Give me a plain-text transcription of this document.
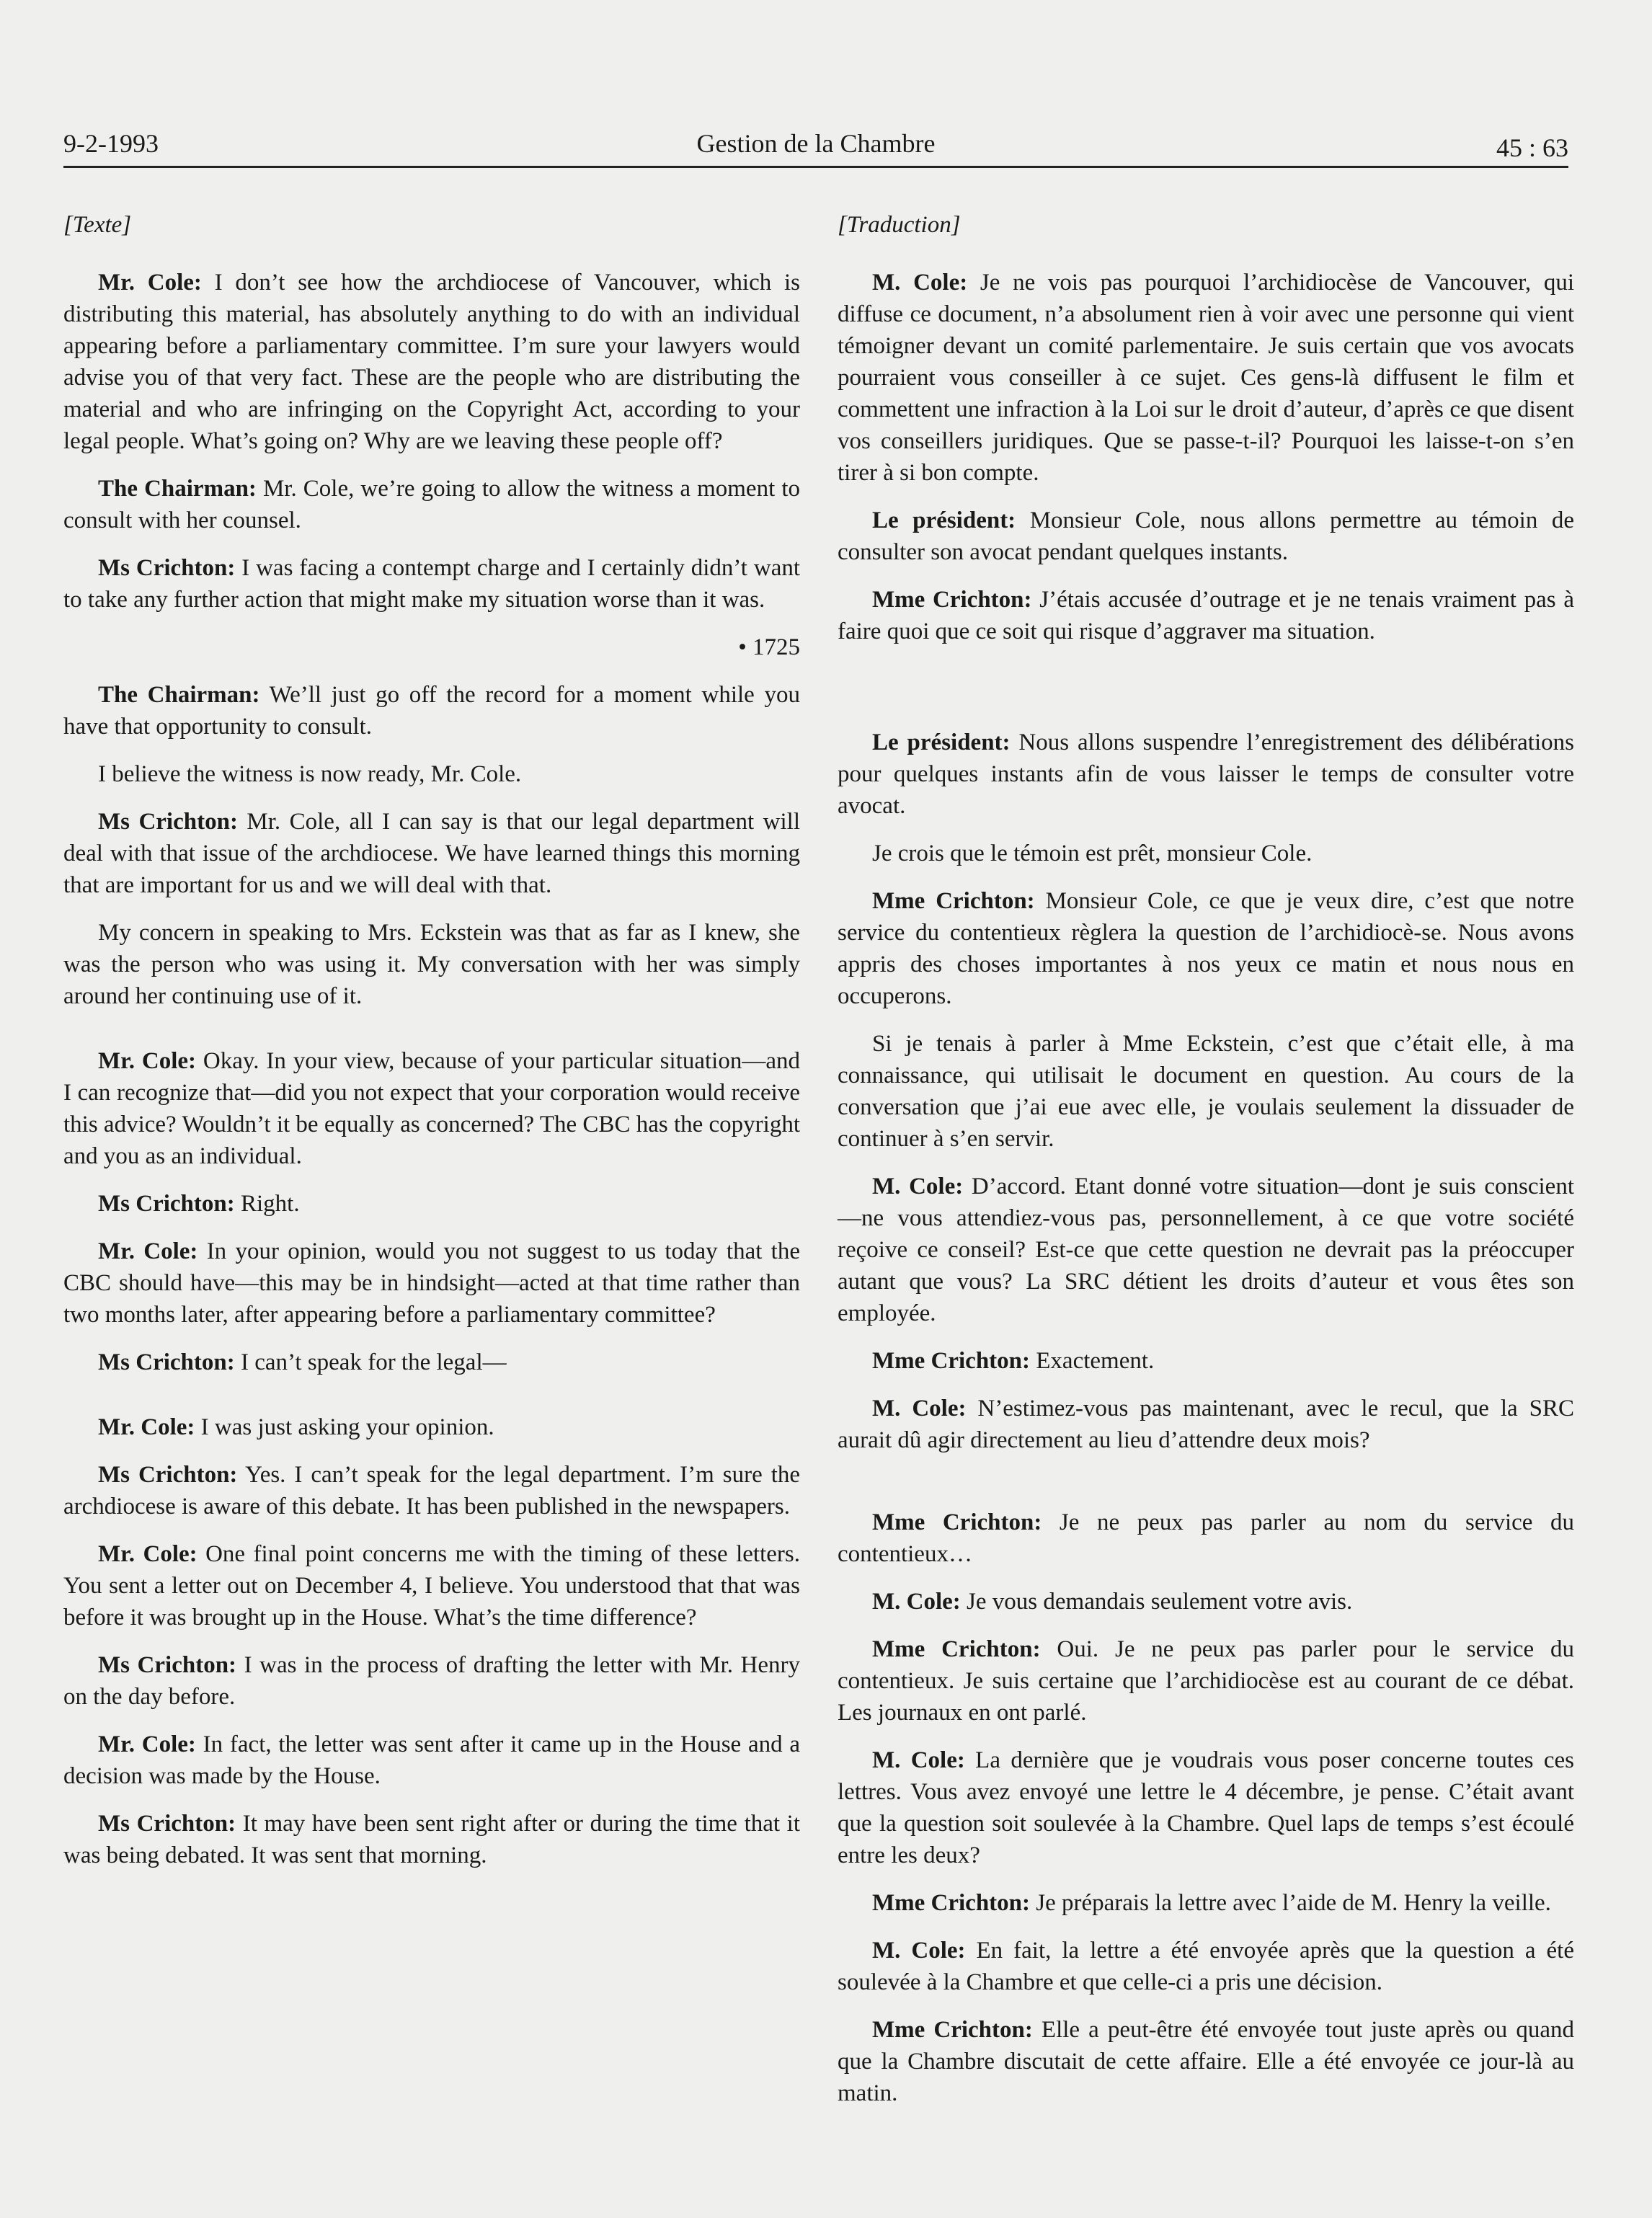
9-2-1993	Gestion de la Chambre	45 : 63

[Texte]

Mr. Cole: I don’t see how the archdiocese of Vancouver, which is distributing this material, has absolutely anything to do with an individual appearing before a parliamentary committee. I’m sure your lawyers would advise you of that very fact. These are the people who are distributing the material and who are infringing on the Copyright Act, according to your legal people. What’s going on? Why are we leaving these people off?

The Chairman: Mr. Cole, we’re going to allow the witness a moment to consult with her counsel.

Ms Crichton: I was facing a contempt charge and I certainly didn’t want to take any further action that might make my situation worse than it was.

• 1725

The Chairman: We’ll just go off the record for a moment while you have that opportunity to consult.

I believe the witness is now ready, Mr. Cole.

Ms Crichton: Mr. Cole, all I can say is that our legal department will deal with that issue of the archdiocese. We have learned things this morning that are important for us and we will deal with that.

My concern in speaking to Mrs. Eckstein was that as far as I knew, she was the person who was using it. My conversation with her was simply around her continuing use of it.

Mr. Cole: Okay. In your view, because of your particular situation—and I can recognize that—did you not expect that your corporation would receive this advice? Wouldn’t it be equally as concerned? The CBC has the copyright and you as an individual.

Ms Crichton: Right.

Mr. Cole: In your opinion, would you not suggest to us today that the CBC should have—this may be in hindsight—acted at that time rather than two months later, after appearing before a parliamentary committee?

Ms Crichton: I can’t speak for the legal—

Mr. Cole: I was just asking your opinion.

Ms Crichton: Yes. I can’t speak for the legal department. I’m sure the archdiocese is aware of this debate. It has been published in the newspapers.

Mr. Cole: One final point concerns me with the timing of these letters. You sent a letter out on December 4, I believe. You understood that that was before it was brought up in the House. What’s the time difference?

Ms Crichton: I was in the process of drafting the letter with Mr. Henry on the day before.

Mr. Cole: In fact, the letter was sent after it came up in the House and a decision was made by the House.

Ms Crichton: It may have been sent right after or during the time that it was being debated. It was sent that morning.

[Traduction]

M. Cole: Je ne vois pas pourquoi l’archidiocèse de Vancouver, qui diffuse ce document, n’a absolument rien à voir avec une personne qui vient témoigner devant un comité parlementaire. Je suis certain que vos avocats pourraient vous conseiller à ce sujet. Ces gens-là diffusent le film et commettent une infraction à la Loi sur le droit d’auteur, d’après ce que disent vos conseillers juridiques. Que se passe-t-il? Pourquoi les laisse-t-on s’en tirer à si bon compte.

Le président: Monsieur Cole, nous allons permettre au témoin de consulter son avocat pendant quelques instants.

Mme Crichton: J’étais accusée d’outrage et je ne tenais vraiment pas à faire quoi que ce soit qui risque d’aggraver ma situation.

Le président: Nous allons suspendre l’enregistrement des délibérations pour quelques instants afin de vous laisser le temps de consulter votre avocat.

Je crois que le témoin est prêt, monsieur Cole.

Mme Crichton: Monsieur Cole, ce que je veux dire, c’est que notre service du contentieux règlera la question de l’archidiocè-se. Nous avons appris des choses importantes à nos yeux ce matin et nous nous en occuperons.

Si je tenais à parler à Mme Eckstein, c’est que c’était elle, à ma connaissance, qui utilisait le document en question. Au cours de la conversation que j’ai eue avec elle, je voulais seulement la dissuader de continuer à s’en servir.

M. Cole: D’accord. Etant donné votre situation—dont je suis conscient—ne vous attendiez-vous pas, personnellement, à ce que votre société reçoive ce conseil? Est-ce que cette question ne devrait pas la préoccuper autant que vous? La SRC détient les droits d’auteur et vous êtes son employée.

Mme Crichton: Exactement.

M. Cole: N’estimez-vous pas maintenant, avec le recul, que la SRC aurait dû agir directement au lieu d’attendre deux mois?

Mme Crichton: Je ne peux pas parler au nom du service du contentieux…

M. Cole: Je vous demandais seulement votre avis.

Mme Crichton: Oui. Je ne peux pas parler pour le service du contentieux. Je suis certaine que l’archidiocèse est au courant de ce débat. Les journaux en ont parlé.

M. Cole: La dernière que je voudrais vous poser concerne toutes ces lettres. Vous avez envoyé une lettre le 4 décembre, je pense. C’était avant que la question soit soulevée à la Chambre. Quel laps de temps s’est écoulé entre les deux?

Mme Crichton: Je préparais la lettre avec l’aide de M. Henry la veille.

M. Cole: En fait, la lettre a été envoyée après que la question a été soulevée à la Chambre et que celle-ci a pris une décision.

Mme Crichton: Elle a peut-être été envoyée tout juste après ou quand que la Chambre discutait de cette affaire. Elle a été envoyée ce jour-là au matin.
